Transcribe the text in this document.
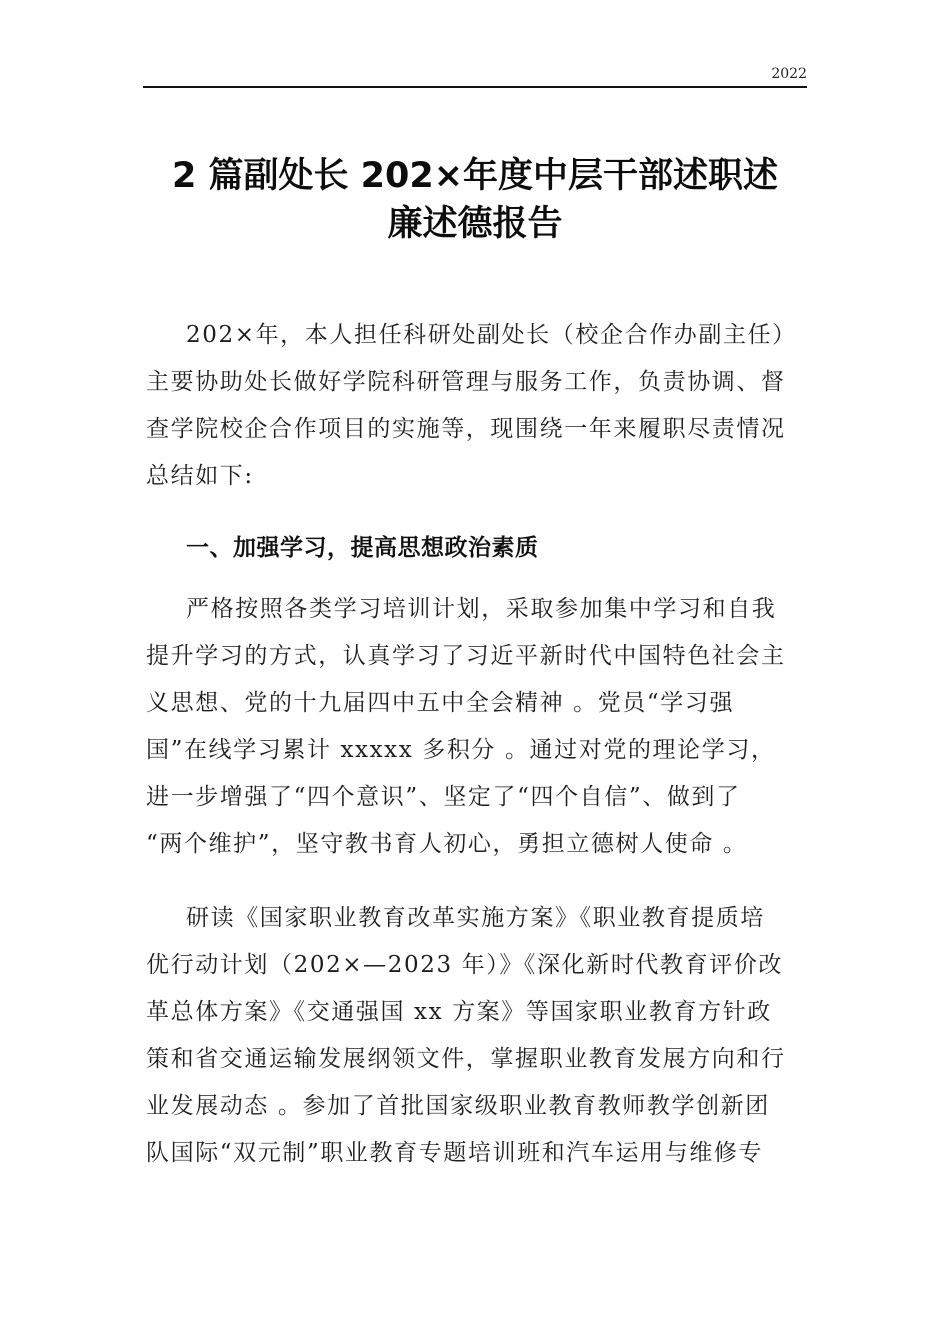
2022
2 篇副处长 202×年度中层干部述职述
廉述德报告
202×年，本人担任科研处副处长（校企合作办副主任）
主要协助处长做好学院科研管理与服务工作，负责协调、督
查学院校企合作项目的实施等，现围绕一年来履职尽责情况
总结如下:
一、加强学习，提高思想政治素质
严格按照各类学习培训计划，采取参加集中学习和自我
提升学习的方式，认真学习了习近平新时代中国特色社会主
义思想、党的十九届四中五中全会精神 。党员“学习强
国”在线学习累计 xxxxx 多积分 。通过对党的理论学习，
进一步增强了“四个意识”、坚定了“四个自信”、做到了
“两个维护”，坚守教书育人初心，勇担立德树人使命 。
研读《国家职业教育改革实施方案》《职业教育提质培
优行动计划（202×—2023 年）》《深化新时代教育评价改
革总体方案》《交通强国 xx 方案》等国家职业教育方针政
策和省交通运输发展纲领文件，掌握职业教育发展方向和行
业发展动态 。参加了首批国家级职业教育教师教学创新团
队国际“双元制”职业教育专题培训班和汽车运用与维修专
